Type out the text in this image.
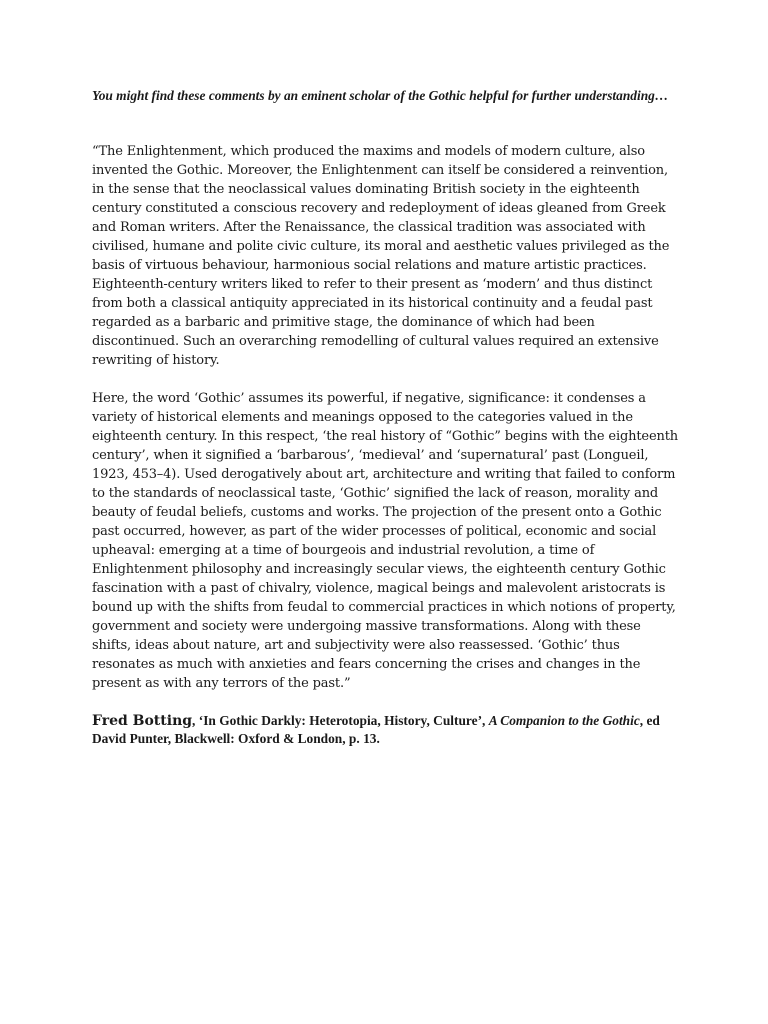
You might find these comments by an eminent scholar of the Gothic helpful for further understanding…

“The Enlightenment, which produced the maxims and models of modern culture, also invented the Gothic. Moreover, the Enlightenment can itself be considered a reinvention, in the sense that the neoclassical values dominating British society in the eighteenth century constituted a conscious recovery and redeployment of ideas gleaned from Greek and Roman writers. After the Renaissance, the classical tradition was associated with civilised, humane and polite civic culture, its moral and aesthetic values privileged as the basis of virtuous behaviour, harmonious social relations and mature artistic practices. Eighteenth-century writers liked to refer to their present as ‘modern’ and thus distinct from both a classical antiquity appreciated in its historical continuity and a feudal past regarded as a barbaric and primitive stage, the dominance of which had been discontinued. Such an overarching remodelling of cultural values required an extensive rewriting of history.

Here, the word ‘Gothic’ assumes its powerful, if negative, significance: it condenses a variety of historical elements and meanings opposed to the categories valued in the eighteenth century. In this respect, ‘the real history of “Gothic” begins with the eighteenth century’, when it signified a ‘barbarous’, ‘medieval’ and ‘supernatural’ past (Longueil, 1923, 453–4). Used derogatively about art, architecture and writing that failed to conform to the standards of neoclassical taste, ‘Gothic’ signified the lack of reason, morality and beauty of feudal beliefs, customs and works. The projection of the present onto a Gothic past occurred, however, as part of the wider processes of political, economic and social upheaval: emerging at a time of bourgeois and industrial revolution, a time of Enlightenment philosophy and increasingly secular views, the eighteenth century Gothic fascination with a past of chivalry, violence, magical beings and malevolent aristocrats is bound up with the shifts from feudal to commercial practices in which notions of property, government and society were undergoing massive transformations. Along with these shifts, ideas about nature, art and subjectivity were also reassessed. ‘Gothic’ thus resonates as much with anxieties and fears concerning the crises and changes in the present as with any terrors of the past.”

Fred Botting, ‘In Gothic Darkly: Heterotopia, History, Culture’, A Companion to the Gothic, ed David Punter, Blackwell: Oxford & London, p. 13.
